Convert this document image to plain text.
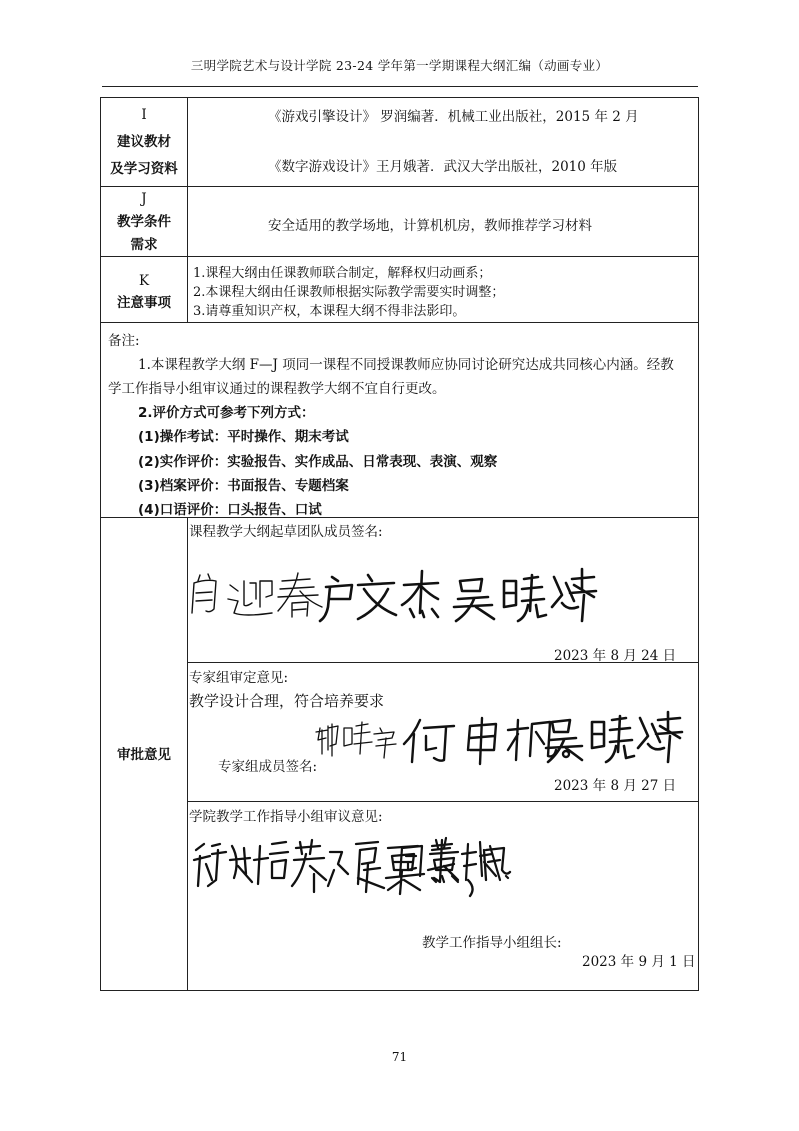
三明学院艺术与设计学院 23-24 学年第一学期课程大纲汇编（动画专业）
I
建议教材
及学习资料
《游戏引擎设计》 罗润编著．机械工业出版社，2015 年 2 月
《数字游戏设计》王月娥著．武汉大学出版社，2010 年版
J
教学条件
需求
安全适用的教学场地，计算机机房，教师推荐学习材料
K
注意事项
1.课程大纲由任课教师联合制定，解释权归动画系；
2.本课程大纲由任课教师根据实际教学需要实时调整；
3.请尊重知识产权，本课程大纲不得非法影印。
备注:
1.本课程教学大纲 F—J 项同一课程不同授课教师应协同讨论研究达成共同核心内涵。经教
学工作指导小组审议通过的课程教学大纲不宜自行更改。
2.评价方式可参考下列方式：
(1)操作考试：平时操作、期末考试
(2)实作评价：实验报告、实作成品、日常表现、表演、观察
(3)档案评价：书面报告、专题档案
(4)口语评价：口头报告、口试
审批意见
课程教学大纲起草团队成员签名:
2023 年 8 月 24 日
专家组审定意见:
教学设计合理，符合培养要求
专家组成员签名:
2023 年 8 月 27 日
学院教学工作指导小组审议意见:
教学工作指导小组组长:
2023 年 9 月 1 日
71
